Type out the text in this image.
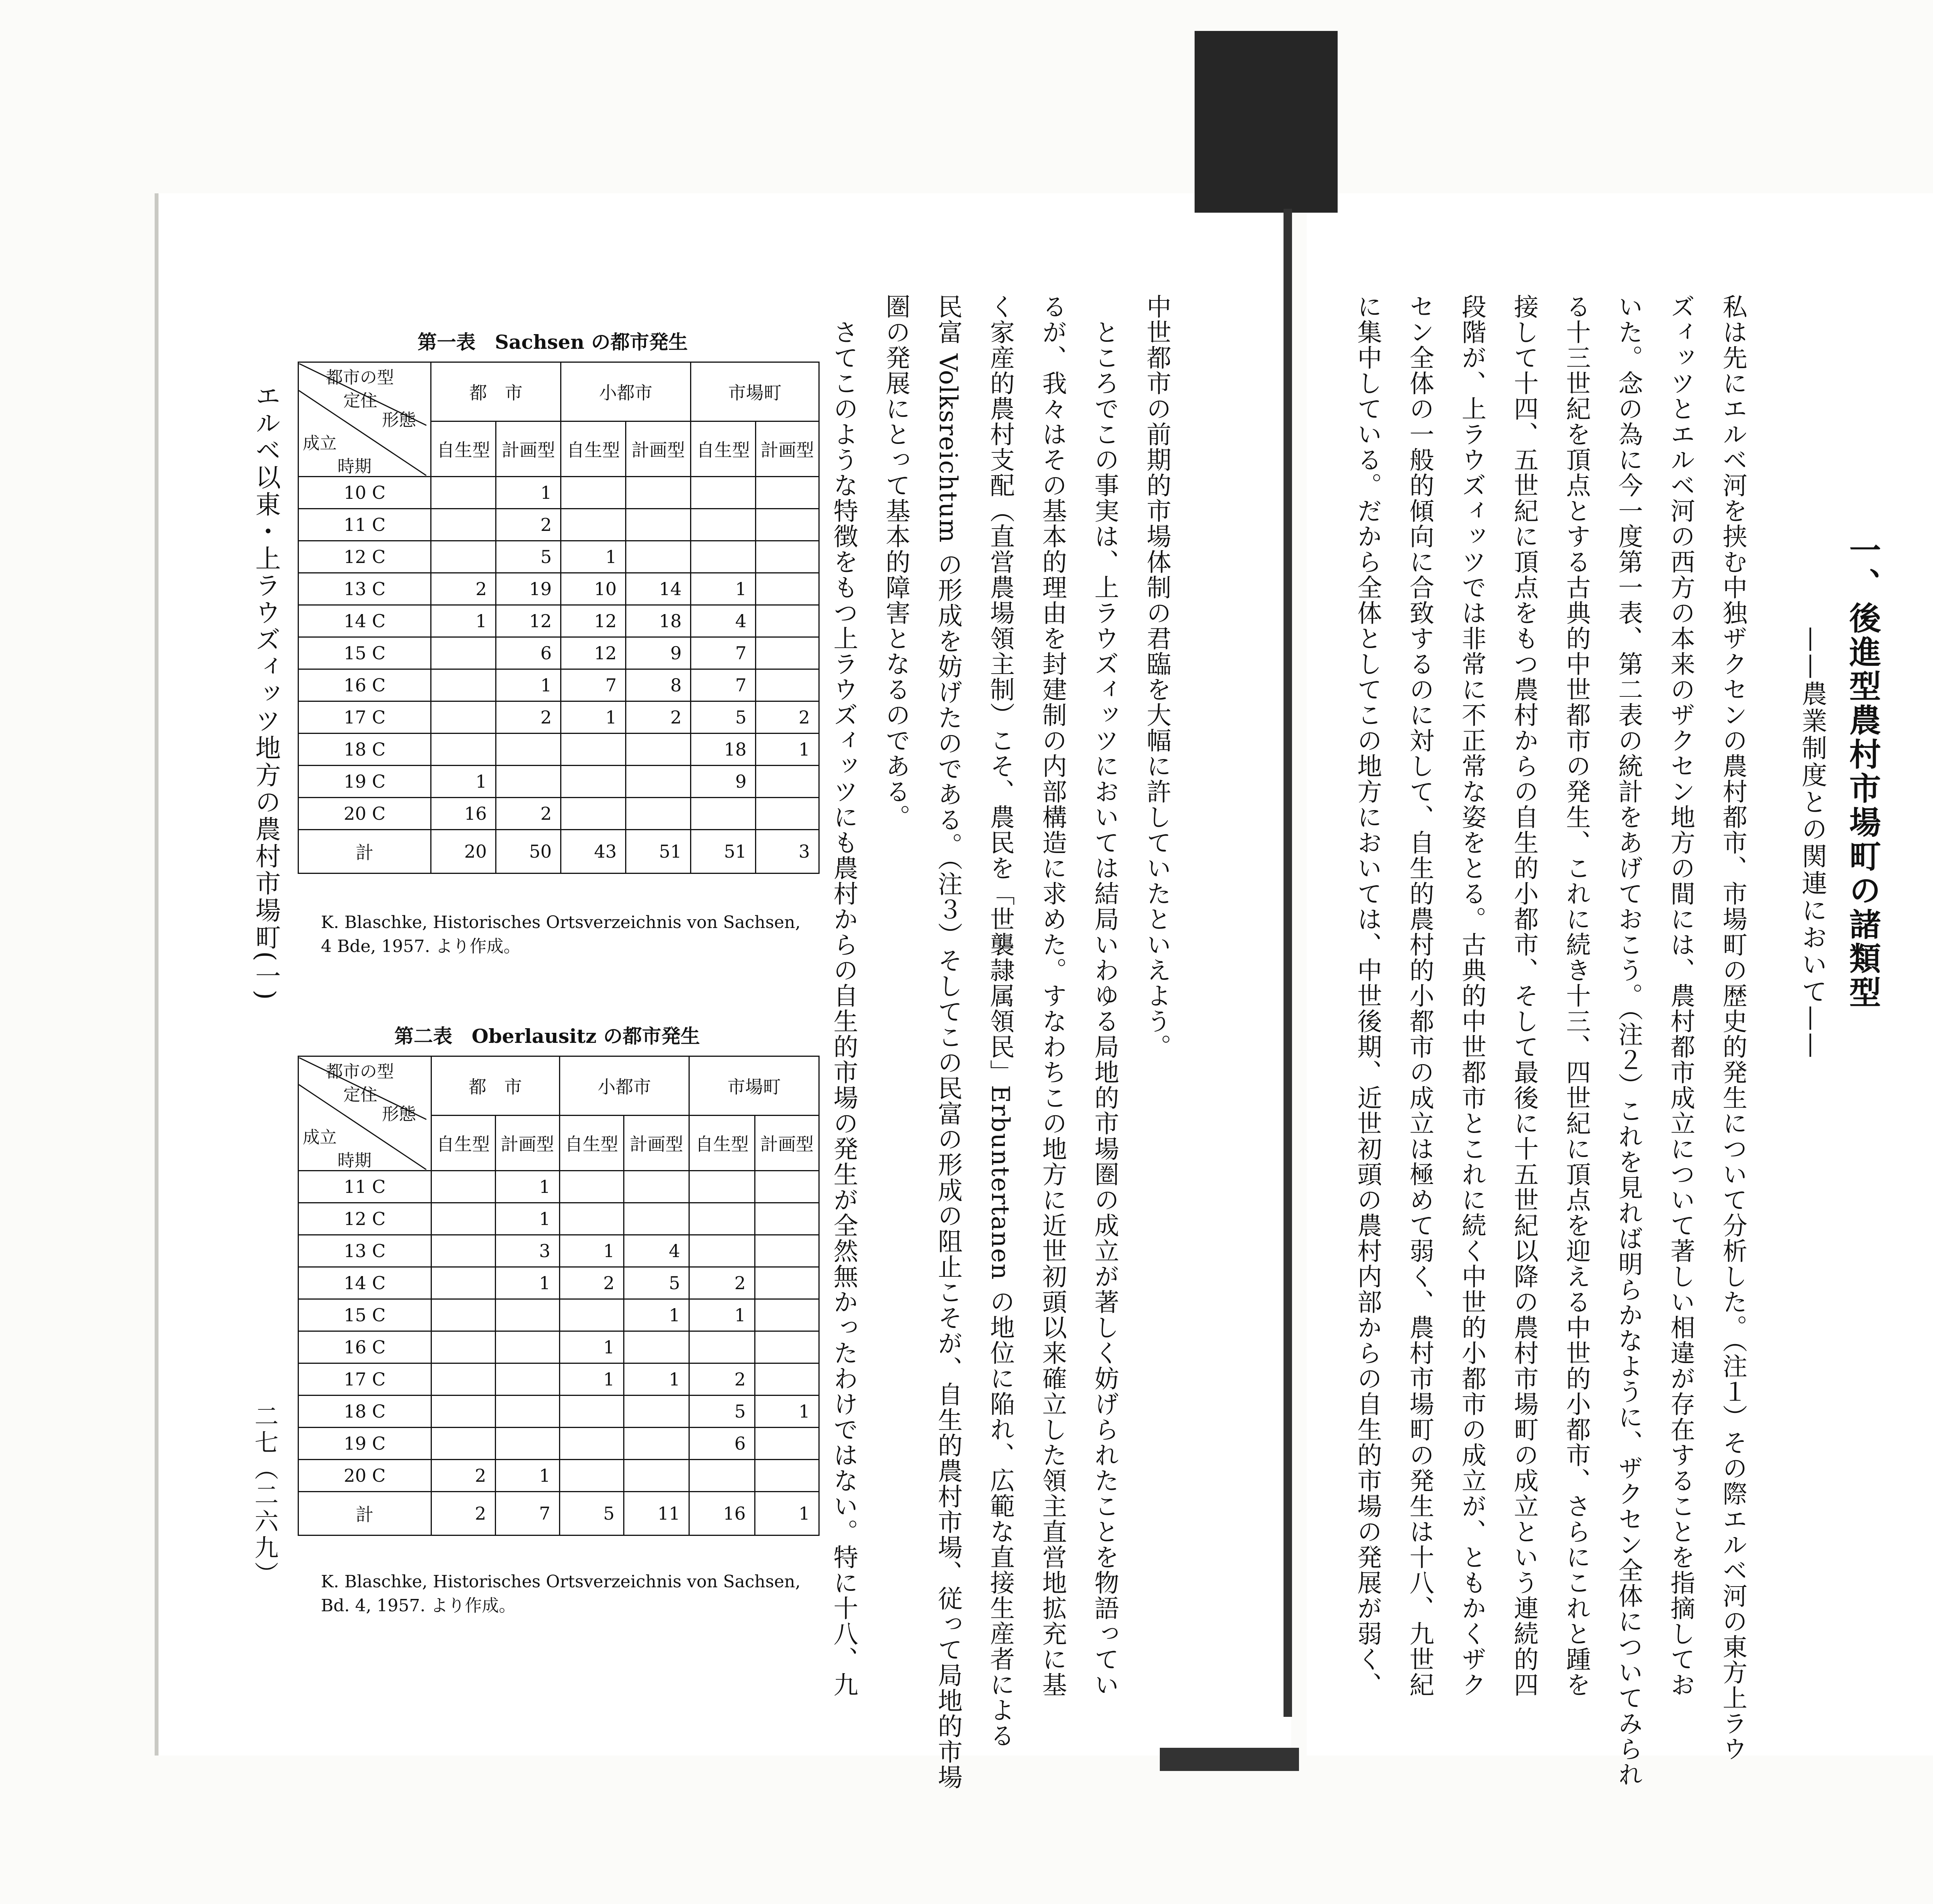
一、後進型農村市場町の諸類型
——農業制度との関連において——
私は先にエルベ河を挟む中独ザクセンの農村都市、市場町の歴史的発生について分析した。（注１）その際エルベ河の東方上ラウ
ズィッツとエルベ河の西方の本来のザクセン地方の間には、農村都市成立について著しい相違が存在することを指摘してお
いた。念の為に今一度第一表、第二表の統計をあげておこう。（注２）これを見れば明らかなように、ザクセン全体についてみられ
る十三世紀を頂点とする古典的中世都市の発生、これに続き十三、四世紀に頂点を迎える中世的小都市、さらにこれと踵を
接して十四、五世紀に頂点をもつ農村からの自生的小都市、そして最後に十五世紀以降の農村市場町の成立という連続的四
段階が、上ラウズィッツでは非常に不正常な姿をとる。古典的中世都市とこれに続く中世的小都市の成立が、ともかくザク
セン全体の一般的傾向に合致するのに対して、自生的農村的小都市の成立は極めて弱く、農村市場町の発生は十八、九世紀
に集中している。だから全体としてこの地方においては、中世後期、近世初頭の農村内部からの自生的市場の発展が弱く、
中世都市の前期的市場体制の君臨を大幅に許していたといえよう。
　ところでこの事実は、上ラウズィッツにおいては結局いわゆる局地的市場圏の成立が著しく妨げられたことを物語ってい
るが、我々はその基本的理由を封建制の内部構造に求めた。すなわちこの地方に近世初頭以来確立した領主直営地拡充に基
く家産的農村支配（直営農場領主制）こそ、農民を「世襲隷属領民」Erbuntertanen の地位に陥れ、広範な直接生産者による
民富 Volksreichtum の形成を妨げたのである。（注３）そしてこの民富の形成の阻止こそが、自生的農村市場、従って局地的市場
圏の発展にとって基本的障害となるのである。
　さてこのような特徴をもつ上ラウズィッツにも農村からの自生的市場の発生が全然無かったわけではない。特に十八、九
エルベ以東・上ラウズィッツ地方の農村市場町(一)
二七（二六九）
第一表　Sachsen の都市発生
都市の型
定住
形態
成立
時期	都　市		小都市		市場町	
	自生型	計画型	自生型	計画型	自生型	計画型
10 C		1				
11 C		2				
12 C		5	1			
13 C	2	19	10	14	1	
14 C	1	12	12	18	4	
15 C		6	12	9	7	
16 C		1	7	8	7	
17 C		2	1	2	5	2
18 C					18	1
19 C	1				9	
20 C	16	2				
計	20	50	43	51	51	3
K. Blaschke, Historisches Ortsverzeichnis von Sachsen,
4 Bde, 1957. より作成。
第二表　Oberlausitz の都市発生
都市の型
定住
形態
成立
時期	都　市		小都市		市場町	
	自生型	計画型	自生型	計画型	自生型	計画型
11 C		1				
12 C		1				
13 C		3	1	4		
14 C		1	2	5	2	
15 C				1	1	
16 C			1			
17 C			1	1	2	
18 C					5	1
19 C					6	
20 C	2	1				
計	2	7	5	11	16	1
K. Blaschke, Historisches Ortsverzeichnis von Sachsen,
Bd. 4, 1957. より作成。
